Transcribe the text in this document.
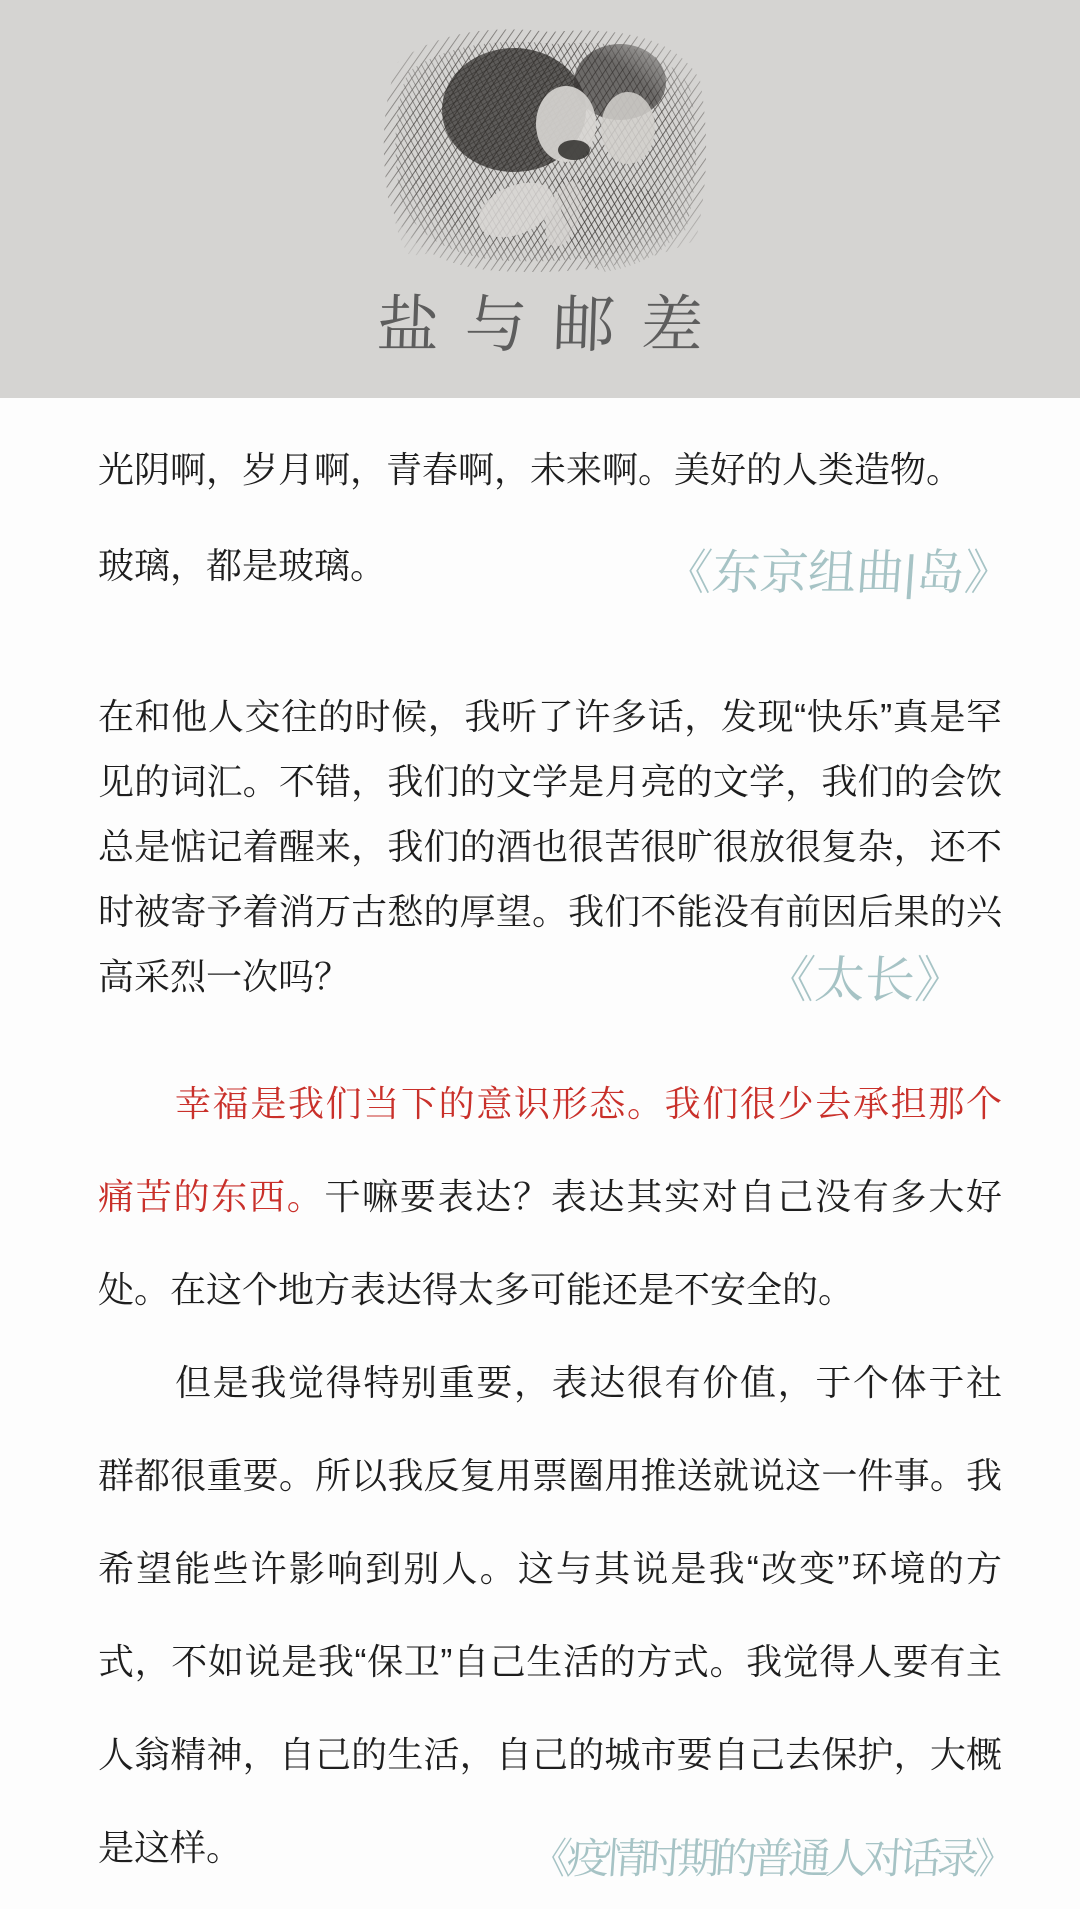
盐与邮差

光阴啊，岁月啊，青春啊，未来啊。美好的人类造物。
玻璃，都是玻璃。	《东京组曲|岛》

在和他人交往的时候，我听了许多话，发现“快乐”真是罕见的词汇。不错，我们的文学是月亮的文学，我们的会饮总是惦记着醒来，我们的酒也很苦很旷很放很复杂，还不时被寄予着消万古愁的厚望。我们不能没有前因后果的兴高采烈一次吗？	《太长》

幸福是我们当下的意识形态。我们很少去承担那个痛苦的东西。干嘛要表达？表达其实对自己没有多大好处。在这个地方表达得太多可能还是不安全的。

但是我觉得特别重要，表达很有价值，于个体于社群都很重要。所以我反复用票圈用推送就说这一件事。我希望能些许影响到别人。这与其说是我“改变”环境的方式，不如说是我“保卫”自己生活的方式。我觉得人要有主人翁精神，自己的生活，自己的城市要自己去保护，大概是这样。	《疫情时期的普通人对话录》
